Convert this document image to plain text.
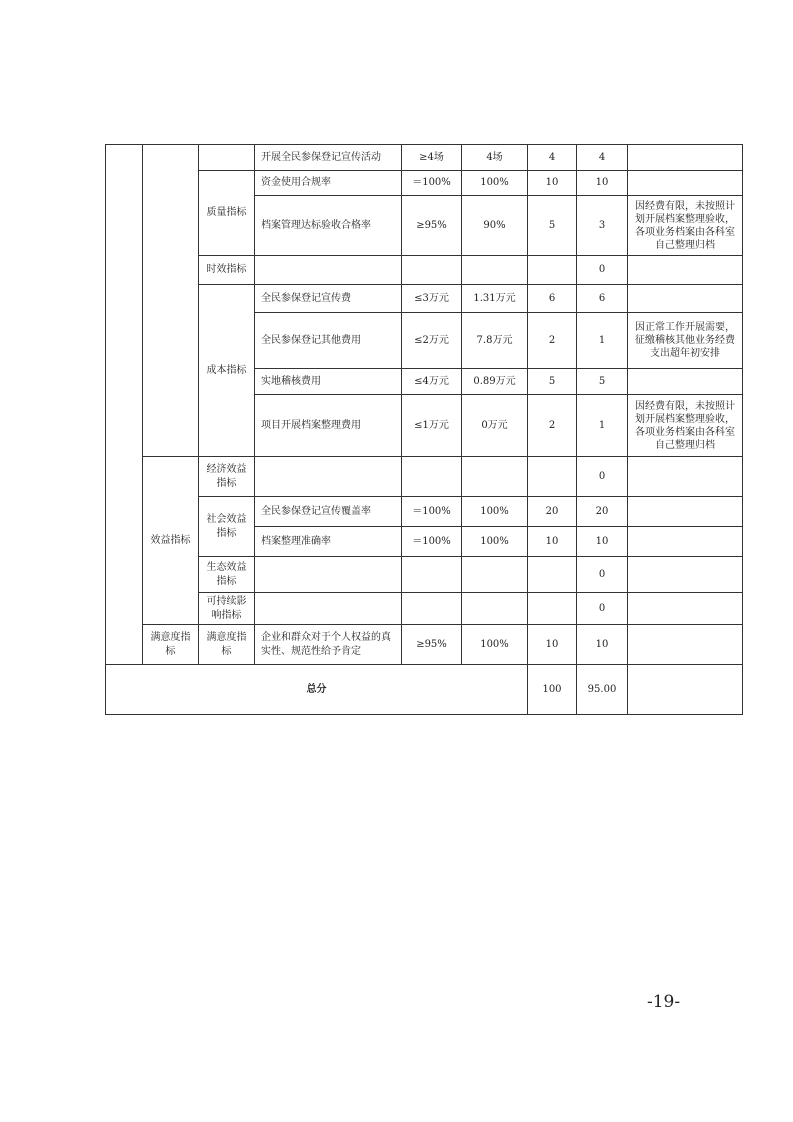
			开展全民参保登记宣传活动	≥4场	4场	4	4	
		质量指标	资金使用合规率	＝100%	100%	10	10	
			档案管理达标验收合格率	≥95%	90%	5	3	因经费有限，未按照计划开展档案整理验收，各项业务档案由各科室自己整理归档
		时效指标					0	
		成本指标	全民参保登记宣传费	≤3万元	1.31万元	6	6	
			全民参保登记其他费用	≤2万元	7.8万元	2	1	因正常工作开展需要，征缴稽核其他业务经费支出超年初安排
			实地稽核费用	≤4万元	0.89万元	5	5	
			项目开展档案整理费用	≤1万元	0万元	2	1	因经费有限，未按照计划开展档案整理验收，各项业务档案由各科室自己整理归档
	效益指标	经济效益指标					0	
		社会效益指标	全民参保登记宣传覆盖率	＝100%	100%	20	20	
			档案整理准确率	＝100%	100%	10	10	
		生态效益指标					0	
		可持续影响指标					0	
	满意度指标	满意度指标	企业和群众对于个人权益的真实性、规范性给予肯定	≥95%	100%	10	10	
总分						100	95.00	
-19-
